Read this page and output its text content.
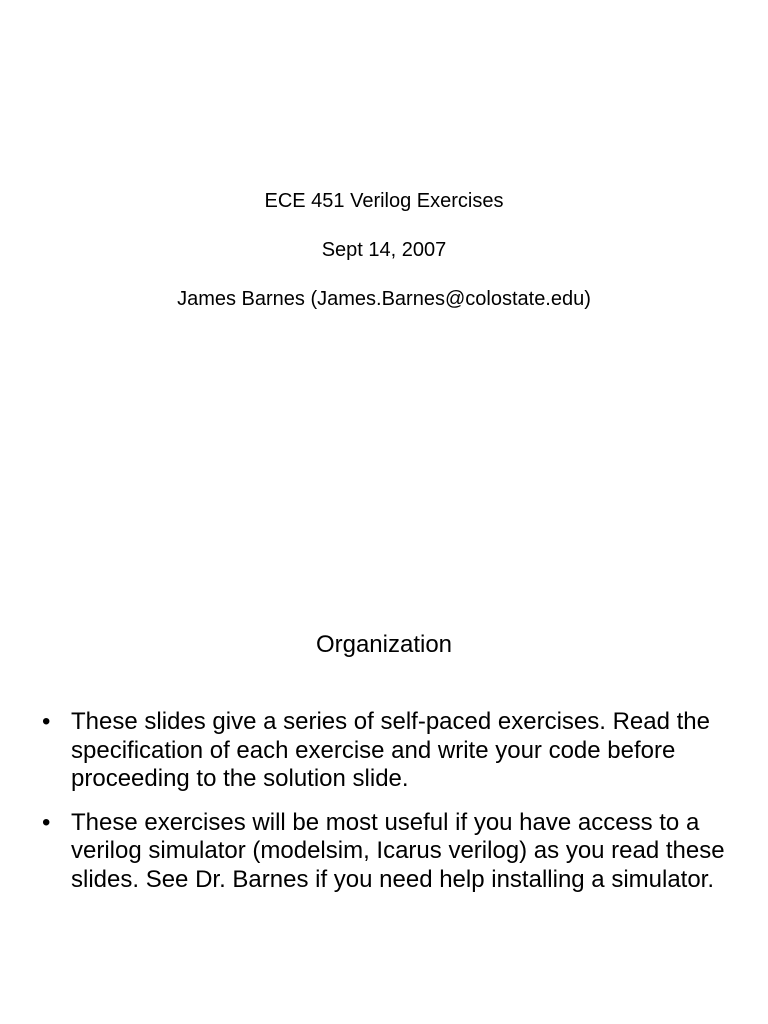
ECE 451 Verilog Exercises
Sept 14, 2007
James Barnes (James.Barnes@colostate.edu)
Organization
• These slides give a series of self-paced exercises. Read the specification of each exercise and write your code before proceeding to the solution slide.
• These exercises will be most useful if you have access to a verilog simulator (modelsim, Icarus verilog) as you read these slides. See Dr. Barnes if you need help installing a simulator.
